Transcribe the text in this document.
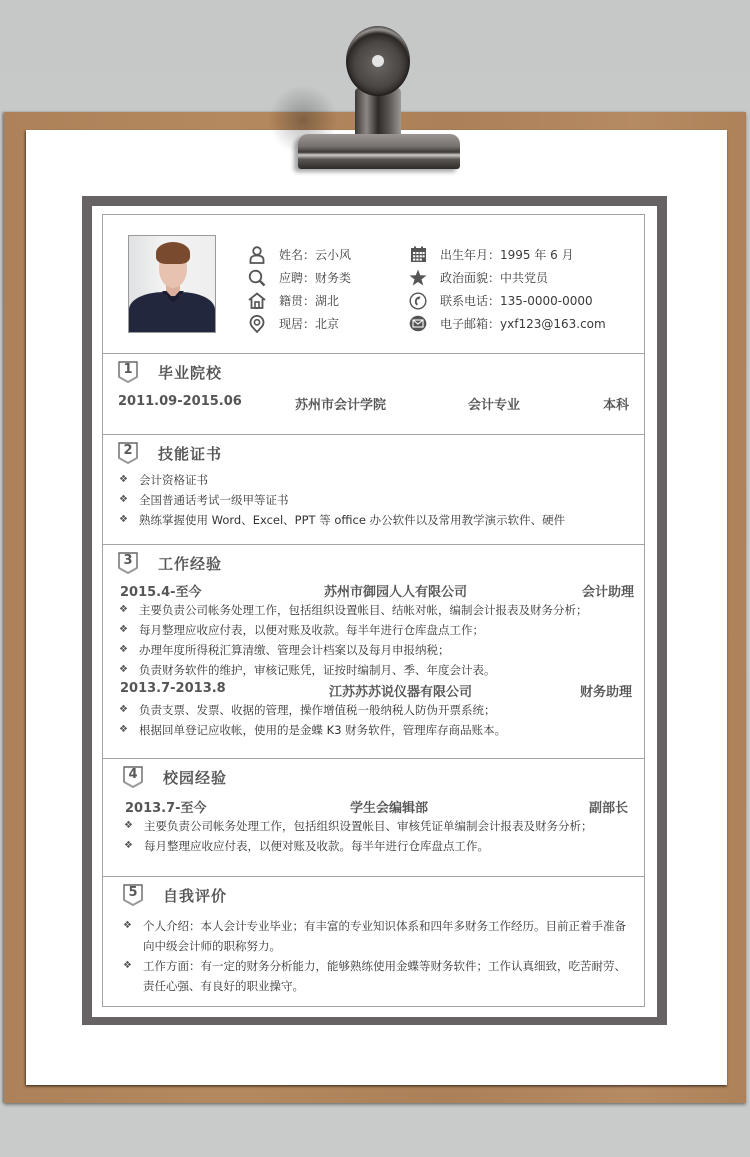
姓名： 云小风
应聘： 财务类
籍贯： 湖北
现居： 北京
出生年月： 1995 年 6 月
政治面貌： 中共党员
联系电话： 135-0000-0000
电子邮箱： yxf123@163.com
1	毕业院校
2011.09-2015.06	苏州市会计学院	会计专业	本科
2	技能证书
❖ 会计资格证书
❖ 全国普通话考试一级甲等证书
❖ 熟练掌握使用 Word、Excel、PPT 等 office 办公软件以及常用教学演示软件、硬件
3	工作经验
2015.4-至今	苏州市御园人人有限公司	会计助理
❖ 主要负责公司帐务处理工作，包括组织设置帐目、结帐对帐，编制会计报表及财务分析；
❖ 每月整理应收应付表，以便对账及收款。每半年进行仓库盘点工作；
❖ 办理年度所得税汇算清缴、管理会计档案以及每月申报纳税；
❖ 负责财务软件的维护，审核记账凭，证按时编制月、季、年度会计表。
2013.7-2013.8	江苏苏苏说仪器有限公司	财务助理
❖ 负责支票、发票、收据的管理，操作增值税一般纳税人防伪开票系统；
❖ 根据回单登记应收帐，使用的是金蝶 K3 财务软件，管理库存商品账本。
4	校园经验
2013.7-至今	学生会编辑部	副部长
❖ 主要负责公司帐务处理工作，包括组织设置帐目、审核凭证单编制会计报表及财务分析；
❖ 每月整理应收应付表，以便对账及收款。每半年进行仓库盘点工作。
5	自我评价
❖ 个人介绍：本人会计专业毕业；有丰富的专业知识体系和四年多财务工作经历。目前正着手准备向中级会计师的职称努力。
❖ 工作方面：有一定的财务分析能力，能够熟练使用金蝶等财务软件；工作认真细致，吃苦耐劳、责任心强、有良好的职业操守。
